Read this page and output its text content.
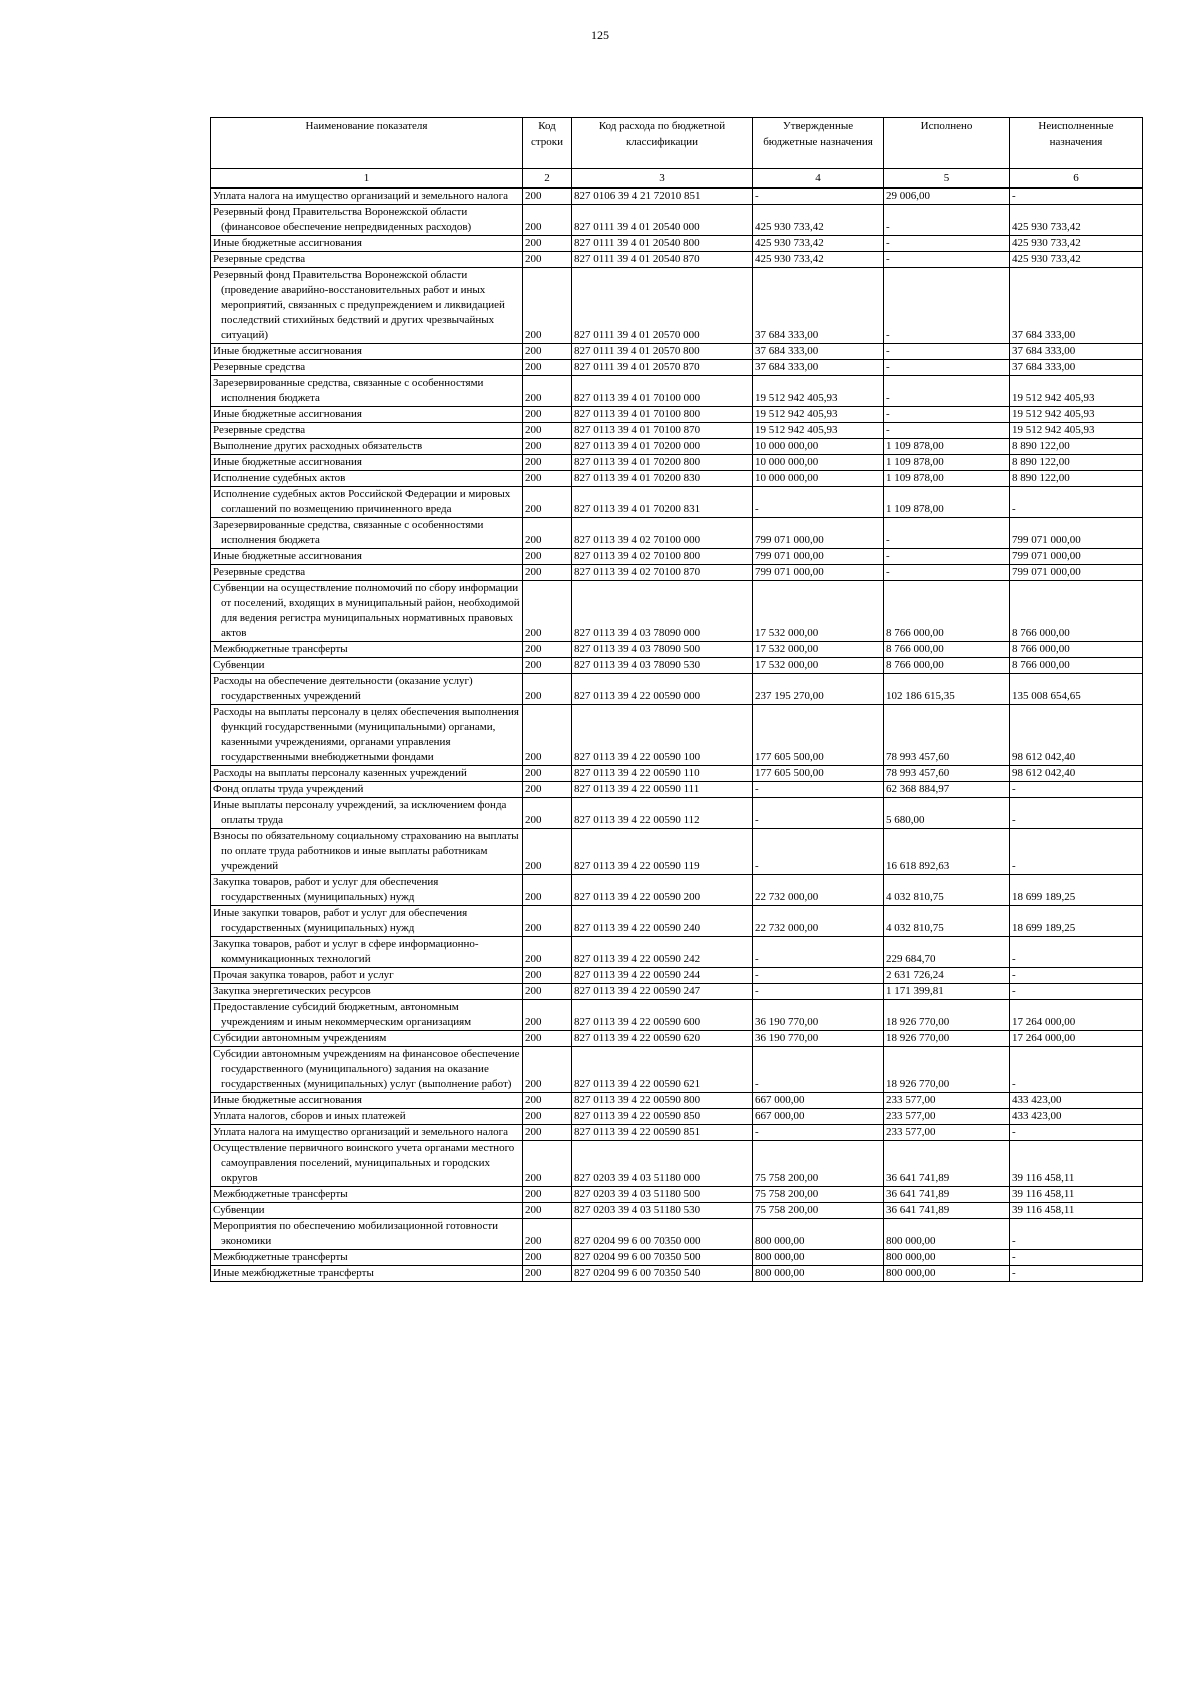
125
Наименование показателя	Код строки	Код расхода по бюджетной классификации	Утвержденные бюджетные назначения	Исполнено	Неисполненные назначения
1	2	3	4	5	6

Уплата налога на имущество организаций и земельного налога	200	827 0106 39 4 21 72010 851	-	29 006,00	-

Резервный фонд Правительства Воронежской области (финансовое обеспечение непредвиденных расходов)	200	827 0111 39 4 01 20540 000	425 930 733,42	-	425 930 733,42

Иные бюджетные ассигнования	200	827 0111 39 4 01 20540 800	425 930 733,42	-	425 930 733,42

Резервные средства	200	827 0111 39 4 01 20540 870	425 930 733,42	-	425 930 733,42

Резервный фонд Правительства Воронежской области (проведение аварийно-восстановительных работ и иных мероприятий, связанных с предупреждением и ликвидацией последствий стихийных бедствий и других чрезвычайных ситуаций)	200	827 0111 39 4 01 20570 000	37 684 333,00	-	37 684 333,00

Иные бюджетные ассигнования	200	827 0111 39 4 01 20570 800	37 684 333,00	-	37 684 333,00

Резервные средства	200	827 0111 39 4 01 20570 870	37 684 333,00	-	37 684 333,00

Зарезервированные средства, связанные с особенностями исполнения бюджета	200	827 0113 39 4 01 70100 000	19 512 942 405,93	-	19 512 942 405,93

Иные бюджетные ассигнования	200	827 0113 39 4 01 70100 800	19 512 942 405,93	-	19 512 942 405,93

Резервные средства	200	827 0113 39 4 01 70100 870	19 512 942 405,93	-	19 512 942 405,93

Выполнение других расходных обязательств	200	827 0113 39 4 01 70200 000	10 000 000,00	1 109 878,00	8 890 122,00

Иные бюджетные ассигнования	200	827 0113 39 4 01 70200 800	10 000 000,00	1 109 878,00	8 890 122,00

Исполнение судебных актов	200	827 0113 39 4 01 70200 830	10 000 000,00	1 109 878,00	8 890 122,00

Исполнение судебных актов Российской Федерации и мировых соглашений по возмещению причиненного вреда	200	827 0113 39 4 01 70200 831	-	1 109 878,00	-

Зарезервированные средства, связанные с особенностями исполнения бюджета	200	827 0113 39 4 02 70100 000	799 071 000,00	-	799 071 000,00

Иные бюджетные ассигнования	200	827 0113 39 4 02 70100 800	799 071 000,00	-	799 071 000,00

Резервные средства	200	827 0113 39 4 02 70100 870	799 071 000,00	-	799 071 000,00

Субвенции на осуществление полномочий по сбору информации от поселений, входящих в муниципальный район, необходимой для ведения регистра муниципальных нормативных правовых актов	200	827 0113 39 4 03 78090 000	17 532 000,00	8 766 000,00	8 766 000,00

Межбюджетные трансферты	200	827 0113 39 4 03 78090 500	17 532 000,00	8 766 000,00	8 766 000,00

Субвенции	200	827 0113 39 4 03 78090 530	17 532 000,00	8 766 000,00	8 766 000,00

Расходы на обеспечение деятельности (оказание услуг) государственных учреждений	200	827 0113 39 4 22 00590 000	237 195 270,00	102 186 615,35	135 008 654,65

Расходы на выплаты персоналу в целях обеспечения выполнения функций государственными (муниципальными) органами, казенными учреждениями, органами управления государственными внебюджетными фондами	200	827 0113 39 4 22 00590 100	177 605 500,00	78 993 457,60	98 612 042,40

Расходы на выплаты персоналу казенных учреждений	200	827 0113 39 4 22 00590 110	177 605 500,00	78 993 457,60	98 612 042,40

Фонд оплаты труда учреждений	200	827 0113 39 4 22 00590 111	-	62 368 884,97	-

Иные выплаты персоналу учреждений, за исключением фонда оплаты труда	200	827 0113 39 4 22 00590 112	-	5 680,00	-

Взносы по обязательному социальному страхованию на выплаты по оплате труда работников и иные выплаты работникам учреждений	200	827 0113 39 4 22 00590 119	-	16 618 892,63	-

Закупка товаров, работ и услуг для обеспечения государственных (муниципальных) нужд	200	827 0113 39 4 22 00590 200	22 732 000,00	4 032 810,75	18 699 189,25

Иные закупки товаров, работ и услуг для обеспечения государственных (муниципальных) нужд	200	827 0113 39 4 22 00590 240	22 732 000,00	4 032 810,75	18 699 189,25

Закупка товаров, работ и услуг в сфере информационно-коммуникационных технологий	200	827 0113 39 4 22 00590 242	-	229 684,70	-

Прочая закупка товаров, работ и услуг	200	827 0113 39 4 22 00590 244	-	2 631 726,24	-

Закупка энергетических ресурсов	200	827 0113 39 4 22 00590 247	-	1 171 399,81	-

Предоставление субсидий бюджетным, автономным учреждениям и иным некоммерческим организациям	200	827 0113 39 4 22 00590 600	36 190 770,00	18 926 770,00	17 264 000,00

Субсидии автономным учреждениям	200	827 0113 39 4 22 00590 620	36 190 770,00	18 926 770,00	17 264 000,00

Субсидии автономным учреждениям на финансовое обеспечение государственного (муниципального) задания на оказание государственных (муниципальных) услуг (выполнение работ)	200	827 0113 39 4 22 00590 621	-	18 926 770,00	-

Иные бюджетные ассигнования	200	827 0113 39 4 22 00590 800	667 000,00	233 577,00	433 423,00

Уплата налогов, сборов и иных платежей	200	827 0113 39 4 22 00590 850	667 000,00	233 577,00	433 423,00

Уплата налога на имущество организаций и земельного налога	200	827 0113 39 4 22 00590 851	-	233 577,00	-

Осуществление первичного воинского учета органами местного самоуправления поселений, муниципальных и городских округов	200	827 0203 39 4 03 51180 000	75 758 200,00	36 641 741,89	39 116 458,11

Межбюджетные трансферты	200	827 0203 39 4 03 51180 500	75 758 200,00	36 641 741,89	39 116 458,11

Субвенции	200	827 0203 39 4 03 51180 530	75 758 200,00	36 641 741,89	39 116 458,11

Мероприятия по обеспечению мобилизационной готовности экономики	200	827 0204 99 6 00 70350 000	800 000,00	800 000,00	-

Межбюджетные трансферты	200	827 0204 99 6 00 70350 500	800 000,00	800 000,00	-

Иные межбюджетные трансферты	200	827 0204 99 6 00 70350 540	800 000,00	800 000,00	-
